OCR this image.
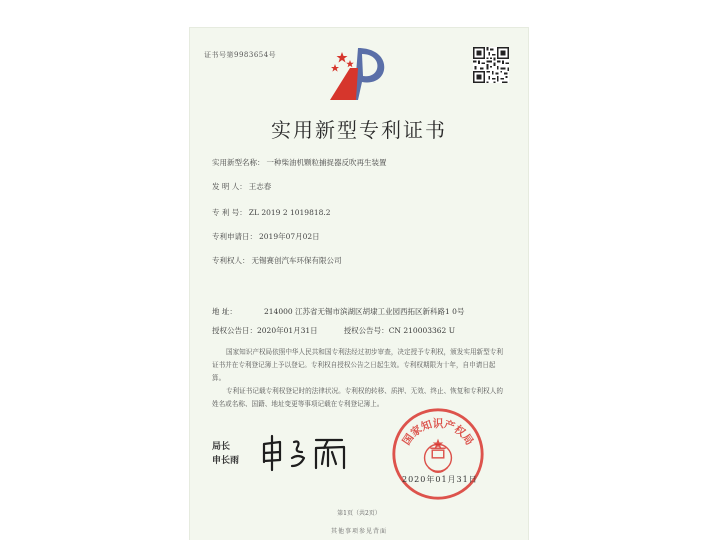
证书号第9983654号
实用新型专利证书
实用新型名称： 一种柴油机颗粒捕捉器反吹再生装置
发 明 人： 王志春
专 利 号： ZL 2019 2 1019818.2
专利申请日： 2019年07月02日
专利权人： 无锡赛创汽车环保有限公司
地 址：	214000 江苏省无锡市滨湖区胡埭工业园西拓区新科路1 0号
授权公告日：2020年01月31日	授权公告号：CN 210003362 U
国家知识产权局依照中华人民共和国专利法经过初步审查，决定授予专利权，颁发实用新型专利证书并在专利登记簿上予以登记。专利权自授权公告之日起生效。专利权期限为十年，自申请日起算。
专利证书记载专利权登记时的法律状况。专利权的转移、质押、无效、终止、恢复和专利权人的姓名或名称、国籍、地址变更等事项记载在专利登记簿上。
局长
申长雨
国家知识产权局
2020年01月31日
第1页（共2页）
其他事项参见背面
